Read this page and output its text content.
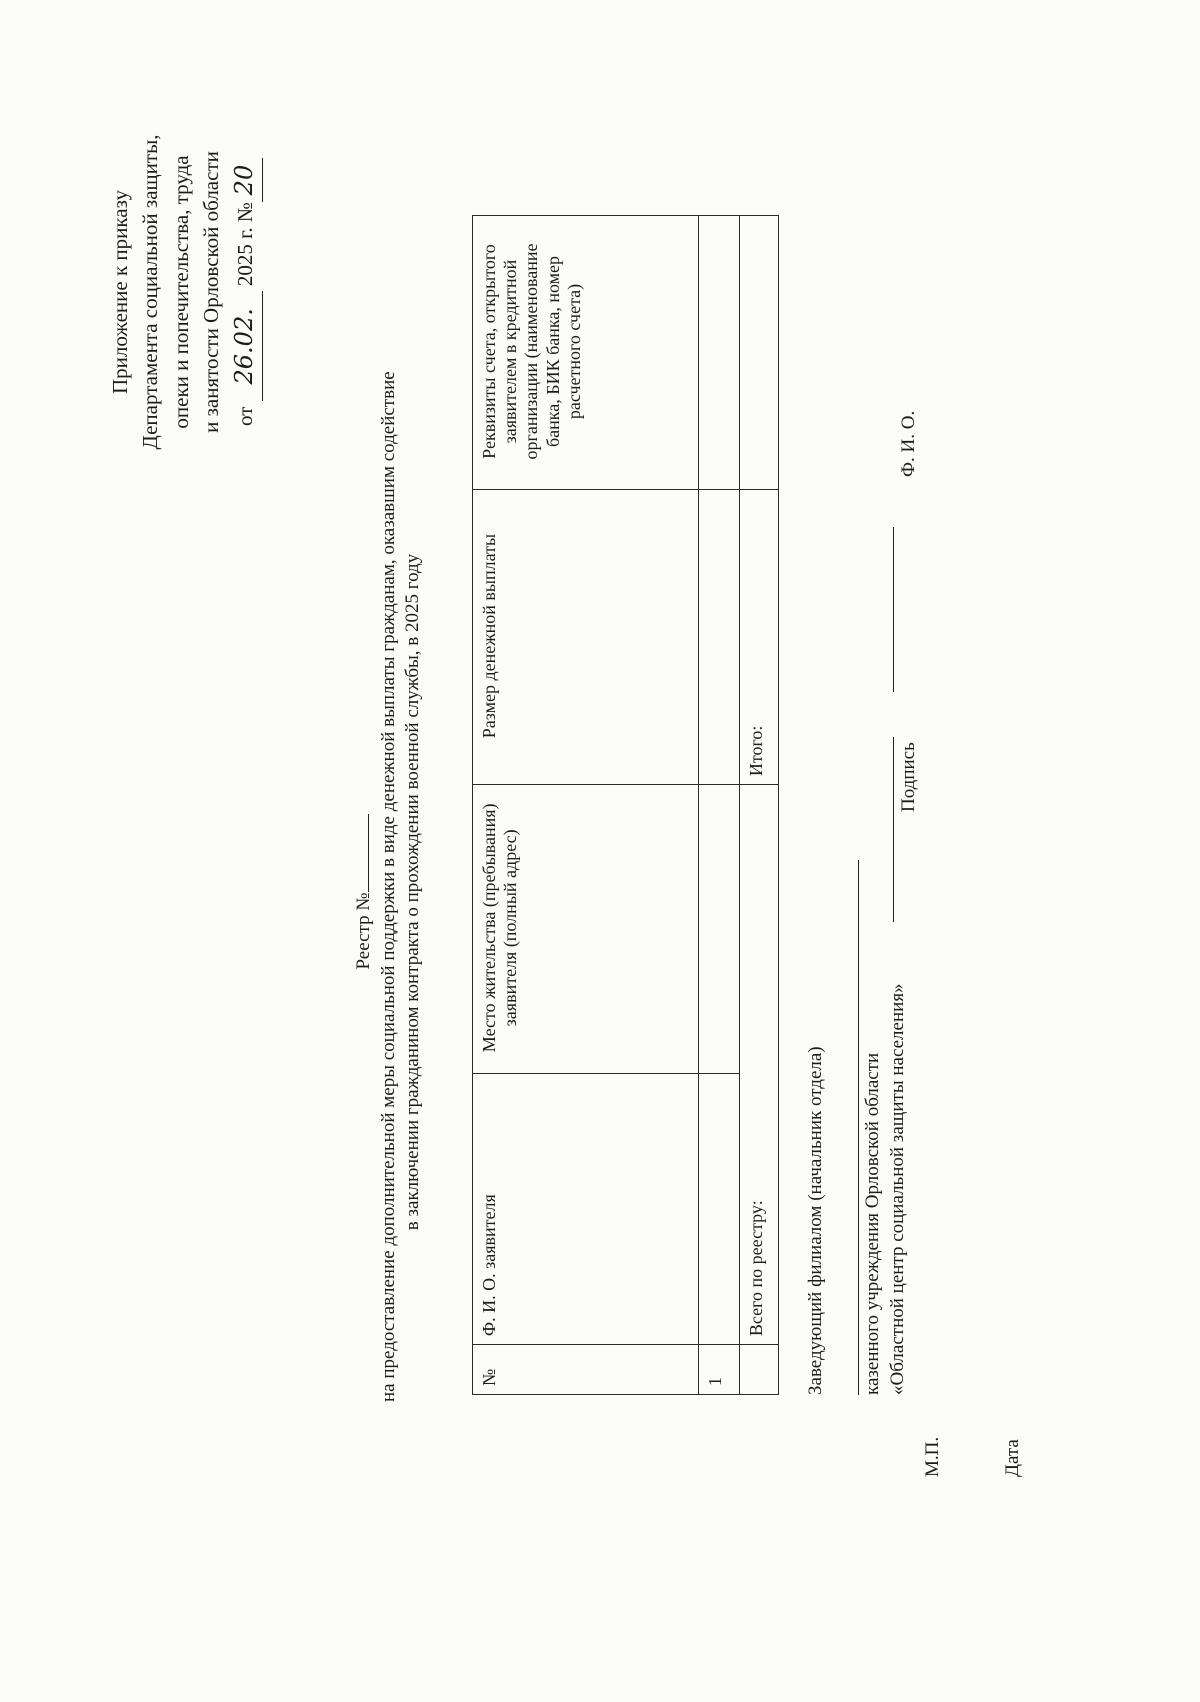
Приложение к приказу Департамента социальной защиты, опеки и попечительства, труда и занятости Орловской области от 26.02. 2025 г. №20
Реестр № на предоставление дополнительной меры социальной поддержки в виде денежной выплаты гражданам, оказавшим содействие в заключении гражданином контракта о прохождении военной службы, в 2025 году
№	Ф. И. О. заявителя	Место жительства (пребывания) заявителя (полный адрес)	Размер денежной выплаты	Реквизиты счета, открытого заявителем в кредитной организации (наименование банка, БИК банка, номер расчетного счета)
1				
	Всего по реестру:		Итого:	
Заведующий филиалом (начальник отдела) казенного учреждения Орловской области «Областной центр социальной защиты населения»
Подпись
Ф. И. О.
М.П.	Дата
